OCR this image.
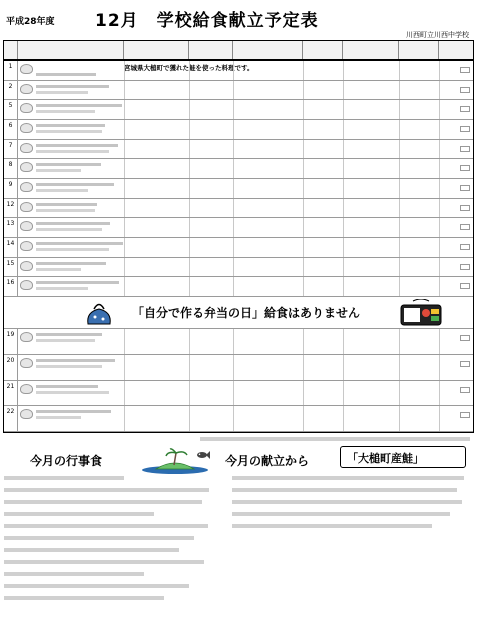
平成28年度 12月　学校給食献立予定表
川西町立川西中学校
「自分で作る弁当の日」給食はありません
1	宮城県大槌町で獲れた鮭を使った料理です。
2
5
6
7
8
9
12
13
14
15
16
19
20
21
22
今月の行事食	今月の献立から	「大槌町産鮭」
